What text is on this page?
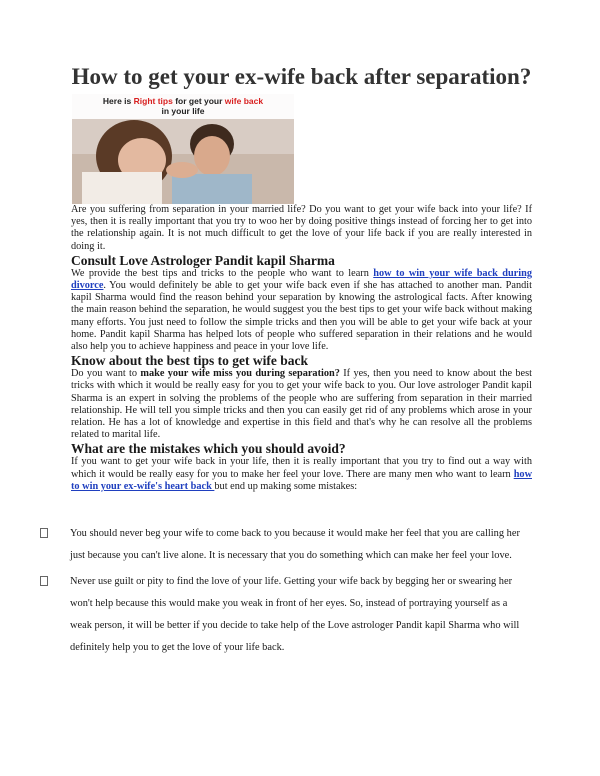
How to get your ex-wife back after separation?
Here is Right tips for get your wife back
in your life

Are you suffering from separation in your married life? Do you want to get your wife back into your life? If yes, then it is really important that you try to woo her by doing positive things instead of forcing her to get into the relationship again. It is not much difficult to get the love of your life back if you are really interested in doing it.

Consult Love Astrologer Pandit kapil Sharma

We provide the best tips and tricks to the people who want to learn how to win your wife back during divorce. You would definitely be able to get your wife back even if she has attached to another man. Pandit kapil Sharma would find the reason behind your separation by knowing the astrological facts. After knowing the main reason behind the separation, he would suggest you the best tips to get your wife back without making many efforts. You just need to follow the simple tricks and then you will be able to get your wife back at your home. Pandit kapil Sharma has helped lots of people who suffered separation in their relations and he would also help you to achieve happiness and peace in your love life.

Know about the best tips to get wife back

Do you want to make your wife miss you during separation? If yes, then you need to know about the best tricks with which it would be really easy for you to get your wife back to you. Our love astrologer Pandit kapil Sharma is an expert in solving the problems of the people who are suffering from separation in their married relationship. He will tell you simple tricks and then you can easily get rid of any problems which arose in your relation. He has a lot of knowledge and expertise in this field and that's why he can resolve all the problems related to marital life.

What are the mistakes which you should avoid?

If you want to get your wife back in your life, then it is really important that you try to find out a way with which it would be really easy for you to make her feel your love. There are many men who want to learn how to win your ex-wife's heart back but end up making some mistakes:

You should never beg your wife to come back to you because it would make her feel that you are calling her just because you can't live alone. It is necessary that you do something which can make her feel your love.
Never use guilt or pity to find the love of your life. Getting your wife back by begging her or swearing her won't help because this would make you weak in front of her eyes. So, instead of portraying yourself as a weak person, it will be better if you decide to take help of the Love astrologer Pandit kapil Sharma who will definitely help you to get the love of your life back.
